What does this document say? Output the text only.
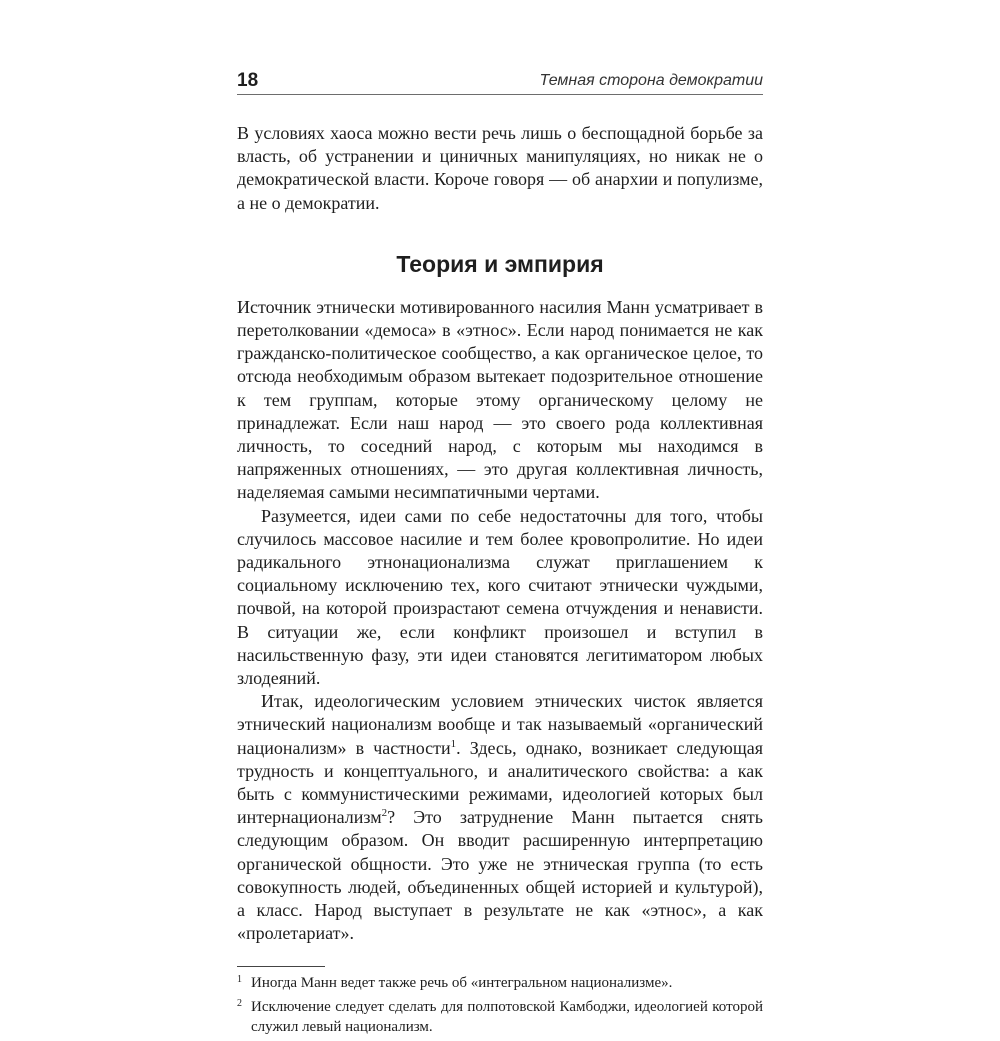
18	Темная сторона демократии

В условиях хаоса можно вести речь лишь о беспощадной борьбе за власть, об устранении и циничных манипуляциях, но никак не о демократической власти. Короче говоря — об анархии и популизме, а не о демократии.

Теория и эмпирия

Источник этнически мотивированного насилия Манн усматривает в перетолковании «демоса» в «этнос». Если народ понимается не как гражданско-политическое сообщество, а как органическое целое, то отсюда необходимым образом вытекает подозрительное отношение к тем группам, которые этому органическому целому не принадлежат. Если наш народ — это своего рода коллективная личность, то соседний народ, с которым мы находимся в напряженных отношениях, — это другая коллективная личность, наделяемая самыми несимпатичными чертами.

Разумеется, идеи сами по себе недостаточны для того, чтобы случилось массовое насилие и тем более кровопролитие. Но идеи радикального этнонационализма служат приглашением к социальному исключению тех, кого считают этнически чуждыми, почвой, на которой произрастают семена отчуждения и ненависти. В ситуации же, если конфликт произошел и вступил в насильственную фазу, эти идеи становятся легитиматором любых злодеяний.

Итак, идеологическим условием этнических чисток является этнический национализм вообще и так называемый «органический национализм» в частности$^1$. Здесь, однако, возникает следующая трудность и концептуального, и аналитического свойства: а как быть с коммунистическими режимами, идеологией которых был интернационализм$^2$? Это затруднение Манн пытается снять следующим образом. Он вводит расширенную интерпретацию органической общности. Это уже не этническая группа (то есть совокупность людей, объединенных общей историей и культурой), а класс. Народ выступает в результате не как «этнос», а как «пролетариат».

1 Иногда Манн ведет также речь об «интегральном национализме».
2 Исключение следует сделать для полпотовской Камбоджи, идеологией которой служил левый национализм.
